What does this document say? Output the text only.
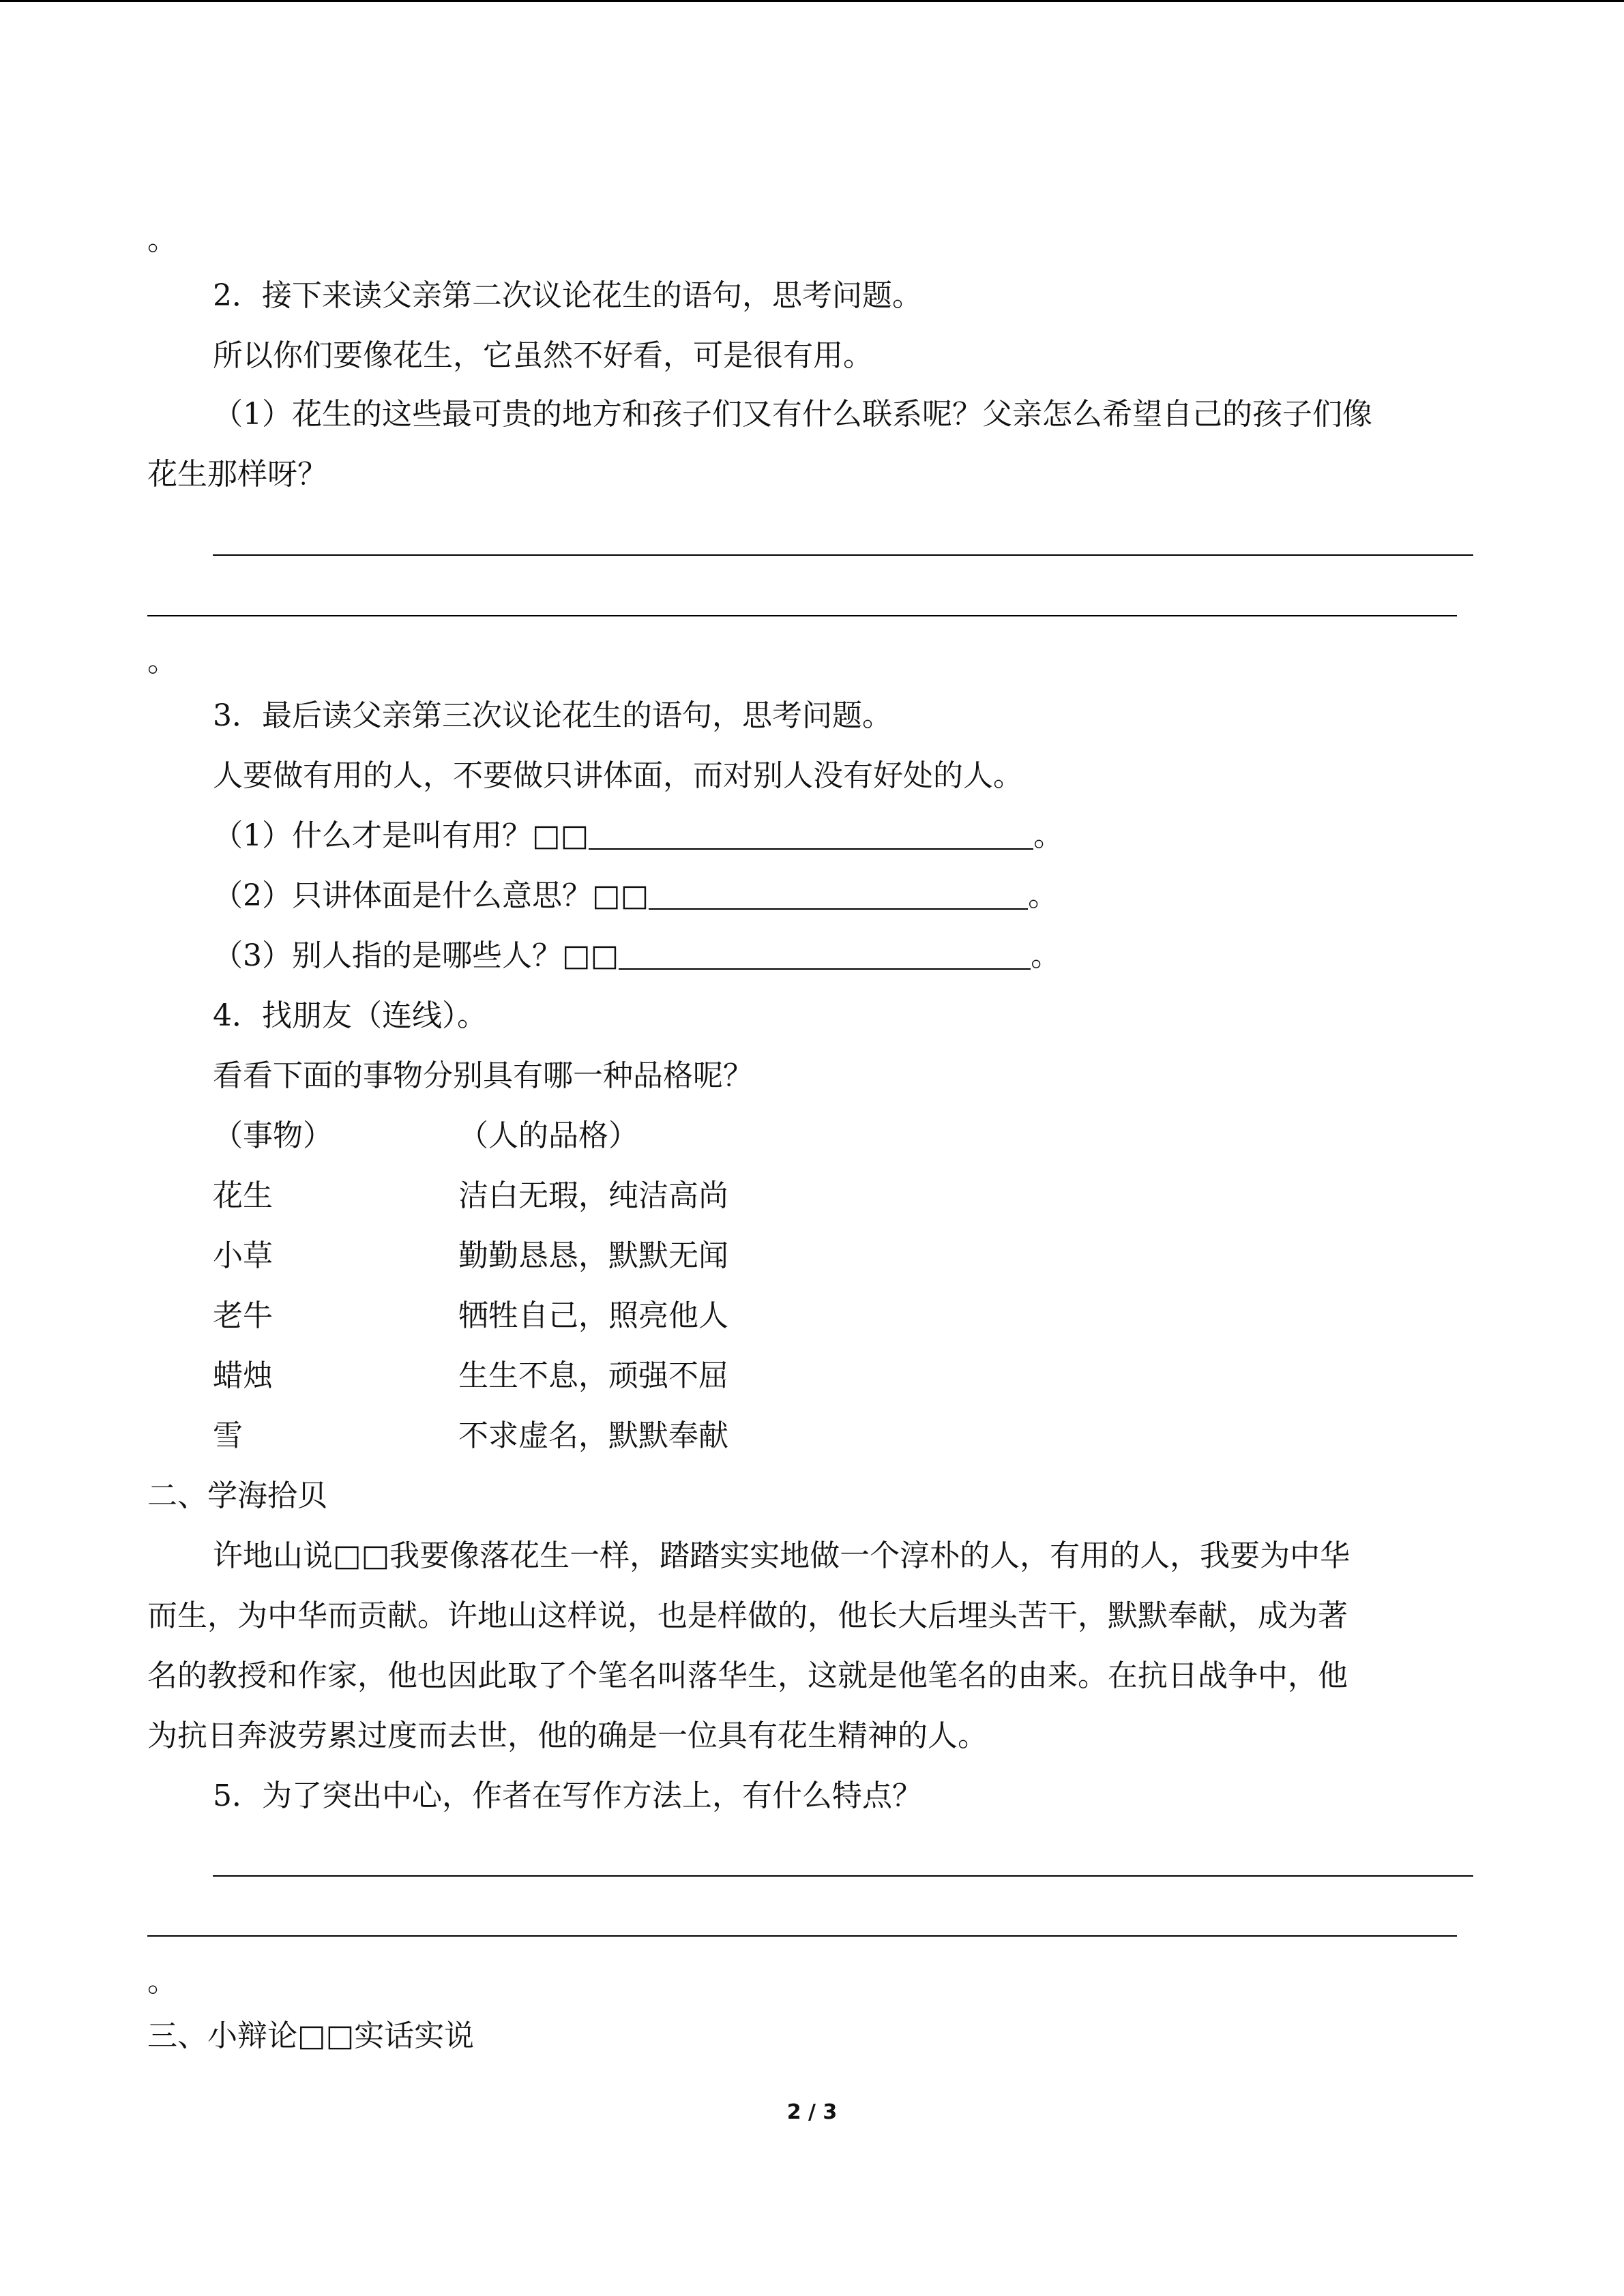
。
2．接下来读父亲第二次议论花生的语句，思考问题。
所以你们要像花生，它虽然不好看，可是很有用。
（1）花生的这些最可贵的地方和孩子们又有什么联系呢？父亲怎么希望自己的孩子们像
花生那样呀？
。
3．最后读父亲第三次议论花生的语句，思考问题。
人要做有用的人，不要做只讲体面，而对别人没有好处的人。
（1）什么才是叫有用？□□	。
（2）只讲体面是什么意思？□□	。
（3）别人指的是哪些人？□□	。
4．找朋友（连线）。
看看下面的事物分别具有哪一种品格呢？
（事物）	（人的品格）
花生	洁白无瑕，纯洁高尚
小草	勤勤恳恳，默默无闻
老牛	牺牲自己，照亮他人
蜡烛	生生不息，顽强不屈
雪	不求虚名，默默奉献
二、学海拾贝
许地山说□□我要像落花生一样，踏踏实实地做一个淳朴的人，有用的人，我要为中华
而生，为中华而贡献。许地山这样说，也是样做的，他长大后埋头苦干，默默奉献，成为著
名的教授和作家，他也因此取了个笔名叫落华生，这就是他笔名的由来。在抗日战争中，他
为抗日奔波劳累过度而去世，他的确是一位具有花生精神的人。
5．为了突出中心，作者在写作方法上，有什么特点？
。
三、小辩论□□实话实说
2 / 3
